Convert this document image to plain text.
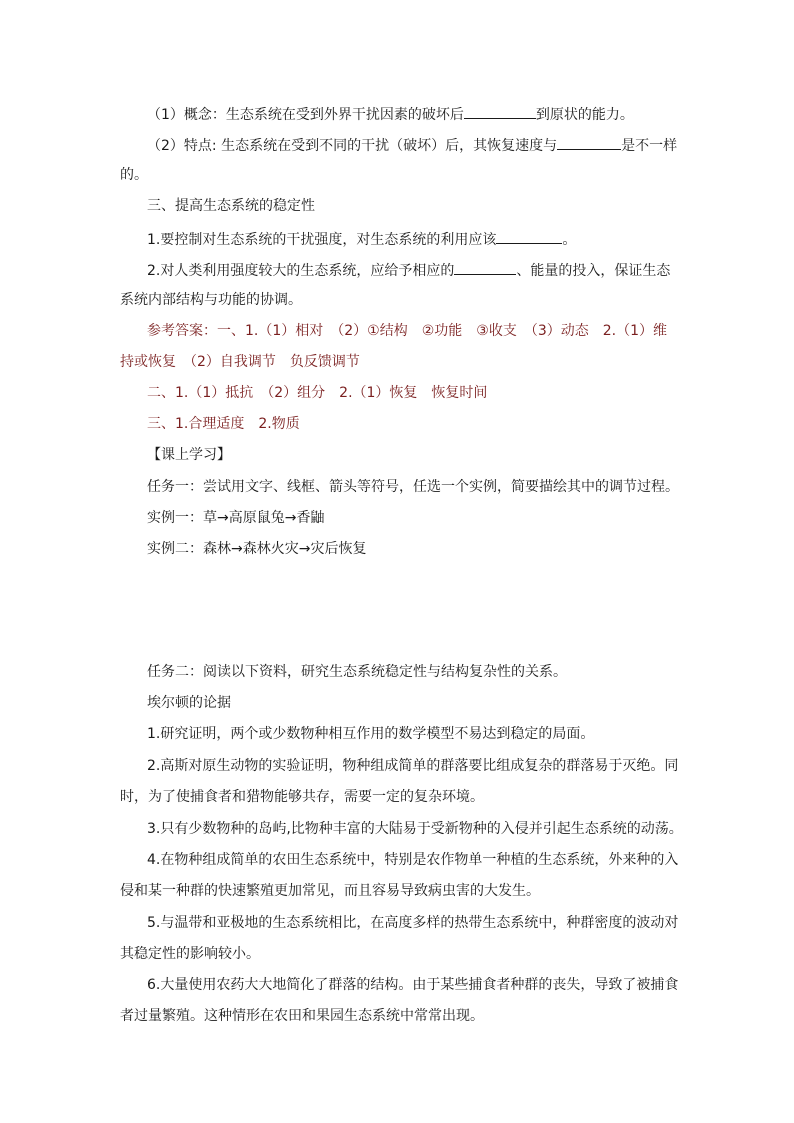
（1）概念：生态系统在受到外界干扰因素的破坏后	到原状的能力。
（2）特点: 生态系统在受到不同的干扰（破坏）后，其恢复速度与	是不一样
的。
三、提高生态系统的稳定性
1.要控制对生态系统的干扰强度，对生态系统的利用应该	。
2.对人类利用强度较大的生态系统，应给予相应的	、能量的投入，保证生态
系统内部结构与功能的协调。
参考答案：一、1.（1）相对　（2）①结构　②功能　③收支　（3）动态　2.（1）维
持或恢复　（2）自我调节　负反馈调节
二、1.（1）抵抗　（2）组分　2.（1）恢复　恢复时间
三、1.合理适度　2.物质
【课上学习】
任务一：尝试用文字、线框、箭头等符号，任选一个实例，简要描绘其中的调节过程。
实例一：草→高原鼠兔→香鼬
实例二：森林→森林火灾→灾后恢复
任务二：阅读以下资料，研究生态系统稳定性与结构复杂性的关系。
埃尔顿的论据
1.研究证明，两个或少数物种相互作用的数学模型不易达到稳定的局面。
2.高斯对原生动物的实验证明，物种组成简单的群落要比组成复杂的群落易于灭绝。同
时，为了使捕食者和猎物能够共存，需要一定的复杂环境。
3.只有少数物种的岛屿,比物种丰富的大陆易于受新物种的入侵并引起生态系统的动荡。
4.在物种组成简单的农田生态系统中，特别是农作物单一种植的生态系统，外来种的入
侵和某一种群的快速繁殖更加常见，而且容易导致病虫害的大发生。
5.与温带和亚极地的生态系统相比，在高度多样的热带生态系统中，种群密度的波动对
其稳定性的影响较小。
6.大量使用农药大大地简化了群落的结构。由于某些捕食者种群的丧失，导致了被捕食
者过量繁殖。这种情形在农田和果园生态系统中常常出现。
